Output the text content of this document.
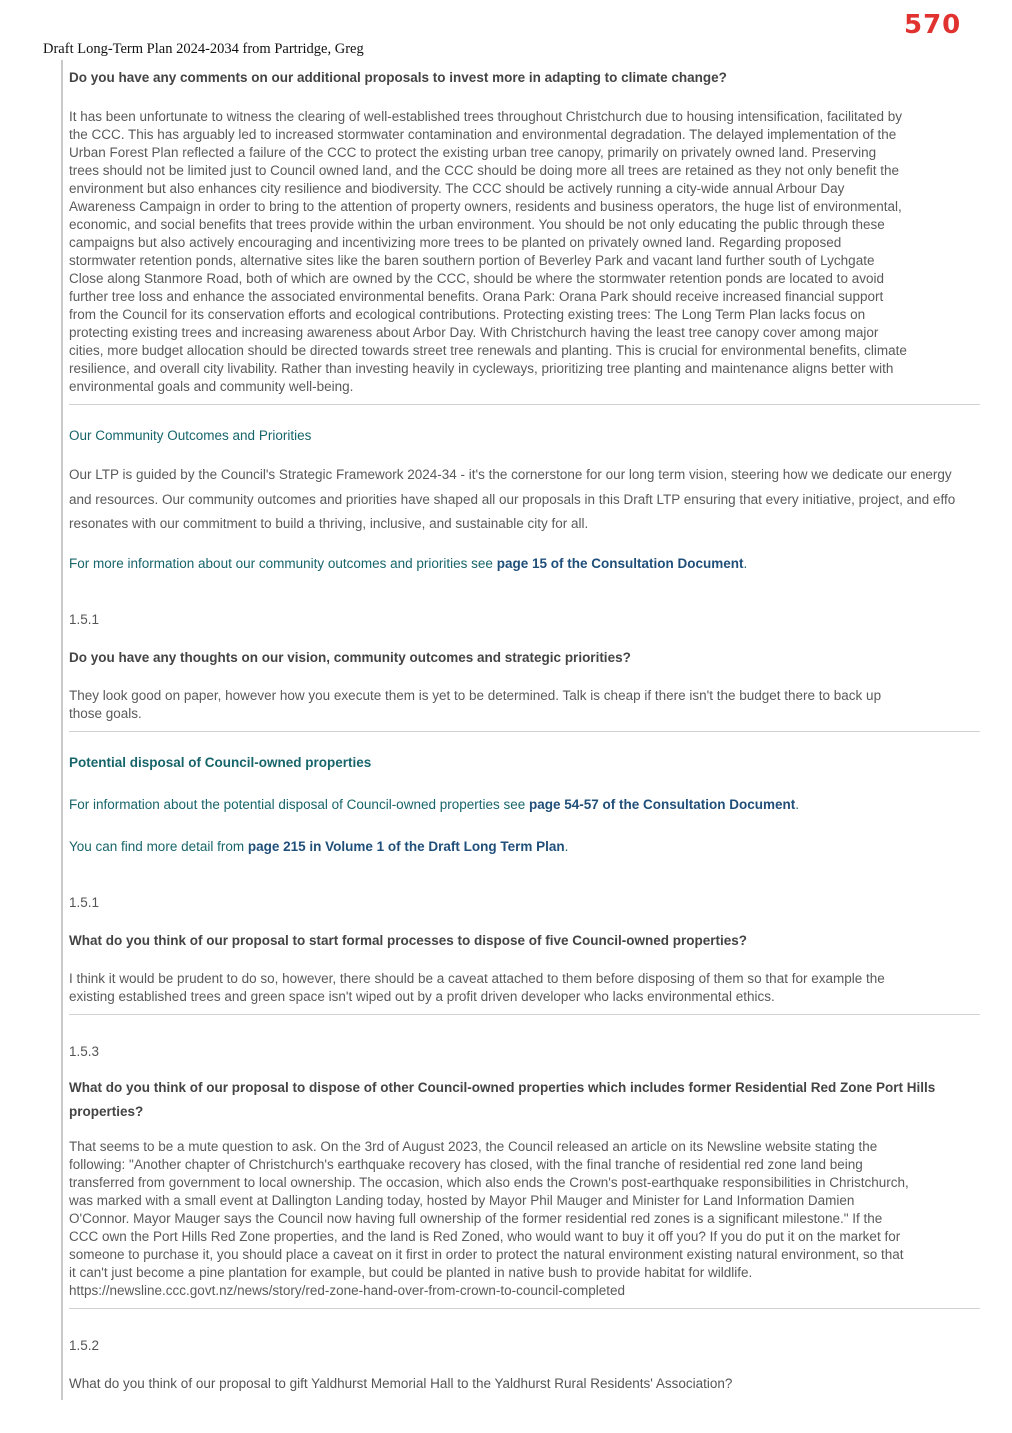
570
Draft Long-Term Plan 2024-2034 from Partridge, Greg

Do you have any comments on our additional proposals to invest more in adapting to climate change?

It has been unfortunate to witness the clearing of well-established trees throughout Christchurch due to housing intensification, facilitated by the CCC. This has arguably led to increased stormwater contamination and environmental degradation. The delayed implementation of the Urban Forest Plan reflected a failure of the CCC to protect the existing urban tree canopy, primarily on privately owned land. Preserving trees should not be limited just to Council owned land, and the CCC should be doing more all trees are retained as they not only benefit the environment but also enhances city resilience and biodiversity. The CCC should be actively running a city-wide annual Arbour Day Awareness Campaign in order to bring to the attention of property owners, residents and business operators, the huge list of environmental, economic, and social benefits that trees provide within the urban environment. You should be not only educating the public through these campaigns but also actively encouraging and incentivizing more trees to be planted on privately owned land. Regarding proposed stormwater retention ponds, alternative sites like the baren southern portion of Beverley Park and vacant land further south of Lychgate Close along Stanmore Road, both of which are owned by the CCC, should be where the stormwater retention ponds are located to avoid further tree loss and enhance the associated environmental benefits. Orana Park: Orana Park should receive increased financial support from the Council for its conservation efforts and ecological contributions. Protecting existing trees: The Long Term Plan lacks focus on protecting existing trees and increasing awareness about Arbor Day. With Christchurch having the least tree canopy cover among major cities, more budget allocation should be directed towards street tree renewals and planting. This is crucial for environmental benefits, climate resilience, and overall city livability. Rather than investing heavily in cycleways, prioritizing tree planting and maintenance aligns better with environmental goals and community well-being.

Our Community Outcomes and Priorities

Our LTP is guided by the Council's Strategic Framework 2024-34 - it's the cornerstone for our long term vision, steering how we dedicate our energy

and resources. Our community outcomes and priorities have shaped all our proposals in this Draft LTP ensuring that every initiative, project, and effo

resonates with our commitment to build a thriving, inclusive, and sustainable city for all.

For more information about our community outcomes and priorities see page 15 of the Consultation Document.

1.5.1

Do you have any thoughts on our vision, community outcomes and strategic priorities?

They look good on paper, however how you execute them is yet to be determined. Talk is cheap if there isn't the budget there to back up those goals.

Potential disposal of Council-owned properties

For information about the potential disposal of Council-owned properties see page 54-57 of the Consultation Document.

You can find more detail from page 215 in Volume 1 of the Draft Long Term Plan.

1.5.1

What do you think of our proposal to start formal processes to dispose of five Council-owned properties?

I think it would be prudent to do so, however, there should be a caveat attached to them before disposing of them so that for example the existing established trees and green space isn't wiped out by a profit driven developer who lacks environmental ethics.

1.5.3

What do you think of our proposal to dispose of other Council-owned properties which includes former Residential Red Zone Port Hills

properties?

That seems to be a mute question to ask. On the 3rd of August 2023, the Council released an article on its Newsline website stating the following: "Another chapter of Christchurch's earthquake recovery has closed, with the final tranche of residential red zone land being transferred from government to local ownership. The occasion, which also ends the Crown's post-earthquake responsibilities in Christchurch, was marked with a small event at Dallington Landing today, hosted by Mayor Phil Mauger and Minister for Land Information Damien O'Connor. Mayor Mauger says the Council now having full ownership of the former residential red zones is a significant milestone." If the CCC own the Port Hills Red Zone properties, and the land is Red Zoned, who would want to buy it off you? If you do put it on the market for someone to purchase it, you should place a caveat on it first in order to protect the natural environment existing natural environment, so that it can't just become a pine plantation for example, but could be planted in native bush to provide habitat for wildlife. https://newsline.ccc.govt.nz/news/story/red-zone-hand-over-from-crown-to-council-completed

1.5.2

What do you think of our proposal to gift Yaldhurst Memorial Hall to the Yaldhurst Rural Residents' Association?
